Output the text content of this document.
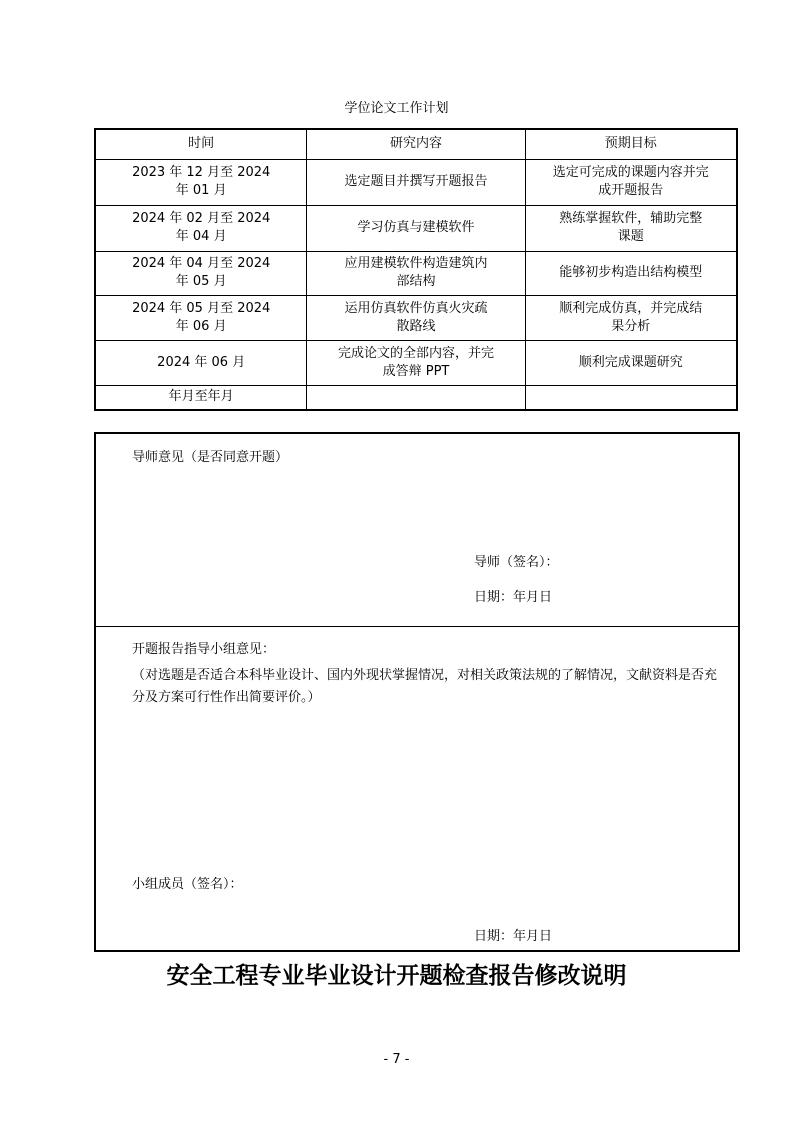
学位论文工作计划
时间	研究内容	预期目标
2023 年 12 月至 2024 年 01 月	选定题目并撰写开题报告	选定可完成的课题内容并完成开题报告
2024 年 02 月至 2024 年 04 月	学习仿真与建模软件	熟练掌握软件，辅助完整课题
2024 年 04 月至 2024 年 05 月	应用建模软件构造建筑内部结构	能够初步构造出结构模型
2024 年 05 月至 2024 年 06 月	运用仿真软件仿真火灾疏散路线	顺利完成仿真，并完成结果分析
2024 年 06 月	完成论文的全部内容，并完成答辩 PPT	顺利完成课题研究
年月至年月		
导师意见（是否同意开题）
导师（签名）：
日期：年月日
开题报告指导小组意见：
（对选题是否适合本科毕业设计、国内外现状掌握情况，对相关政策法规的了解情况，文献资料是否充分及方案可行性作出简要评价。）
小组成员（签名）：
日期：年月日
安全工程专业毕业设计开题检查报告修改说明
- 7 -
